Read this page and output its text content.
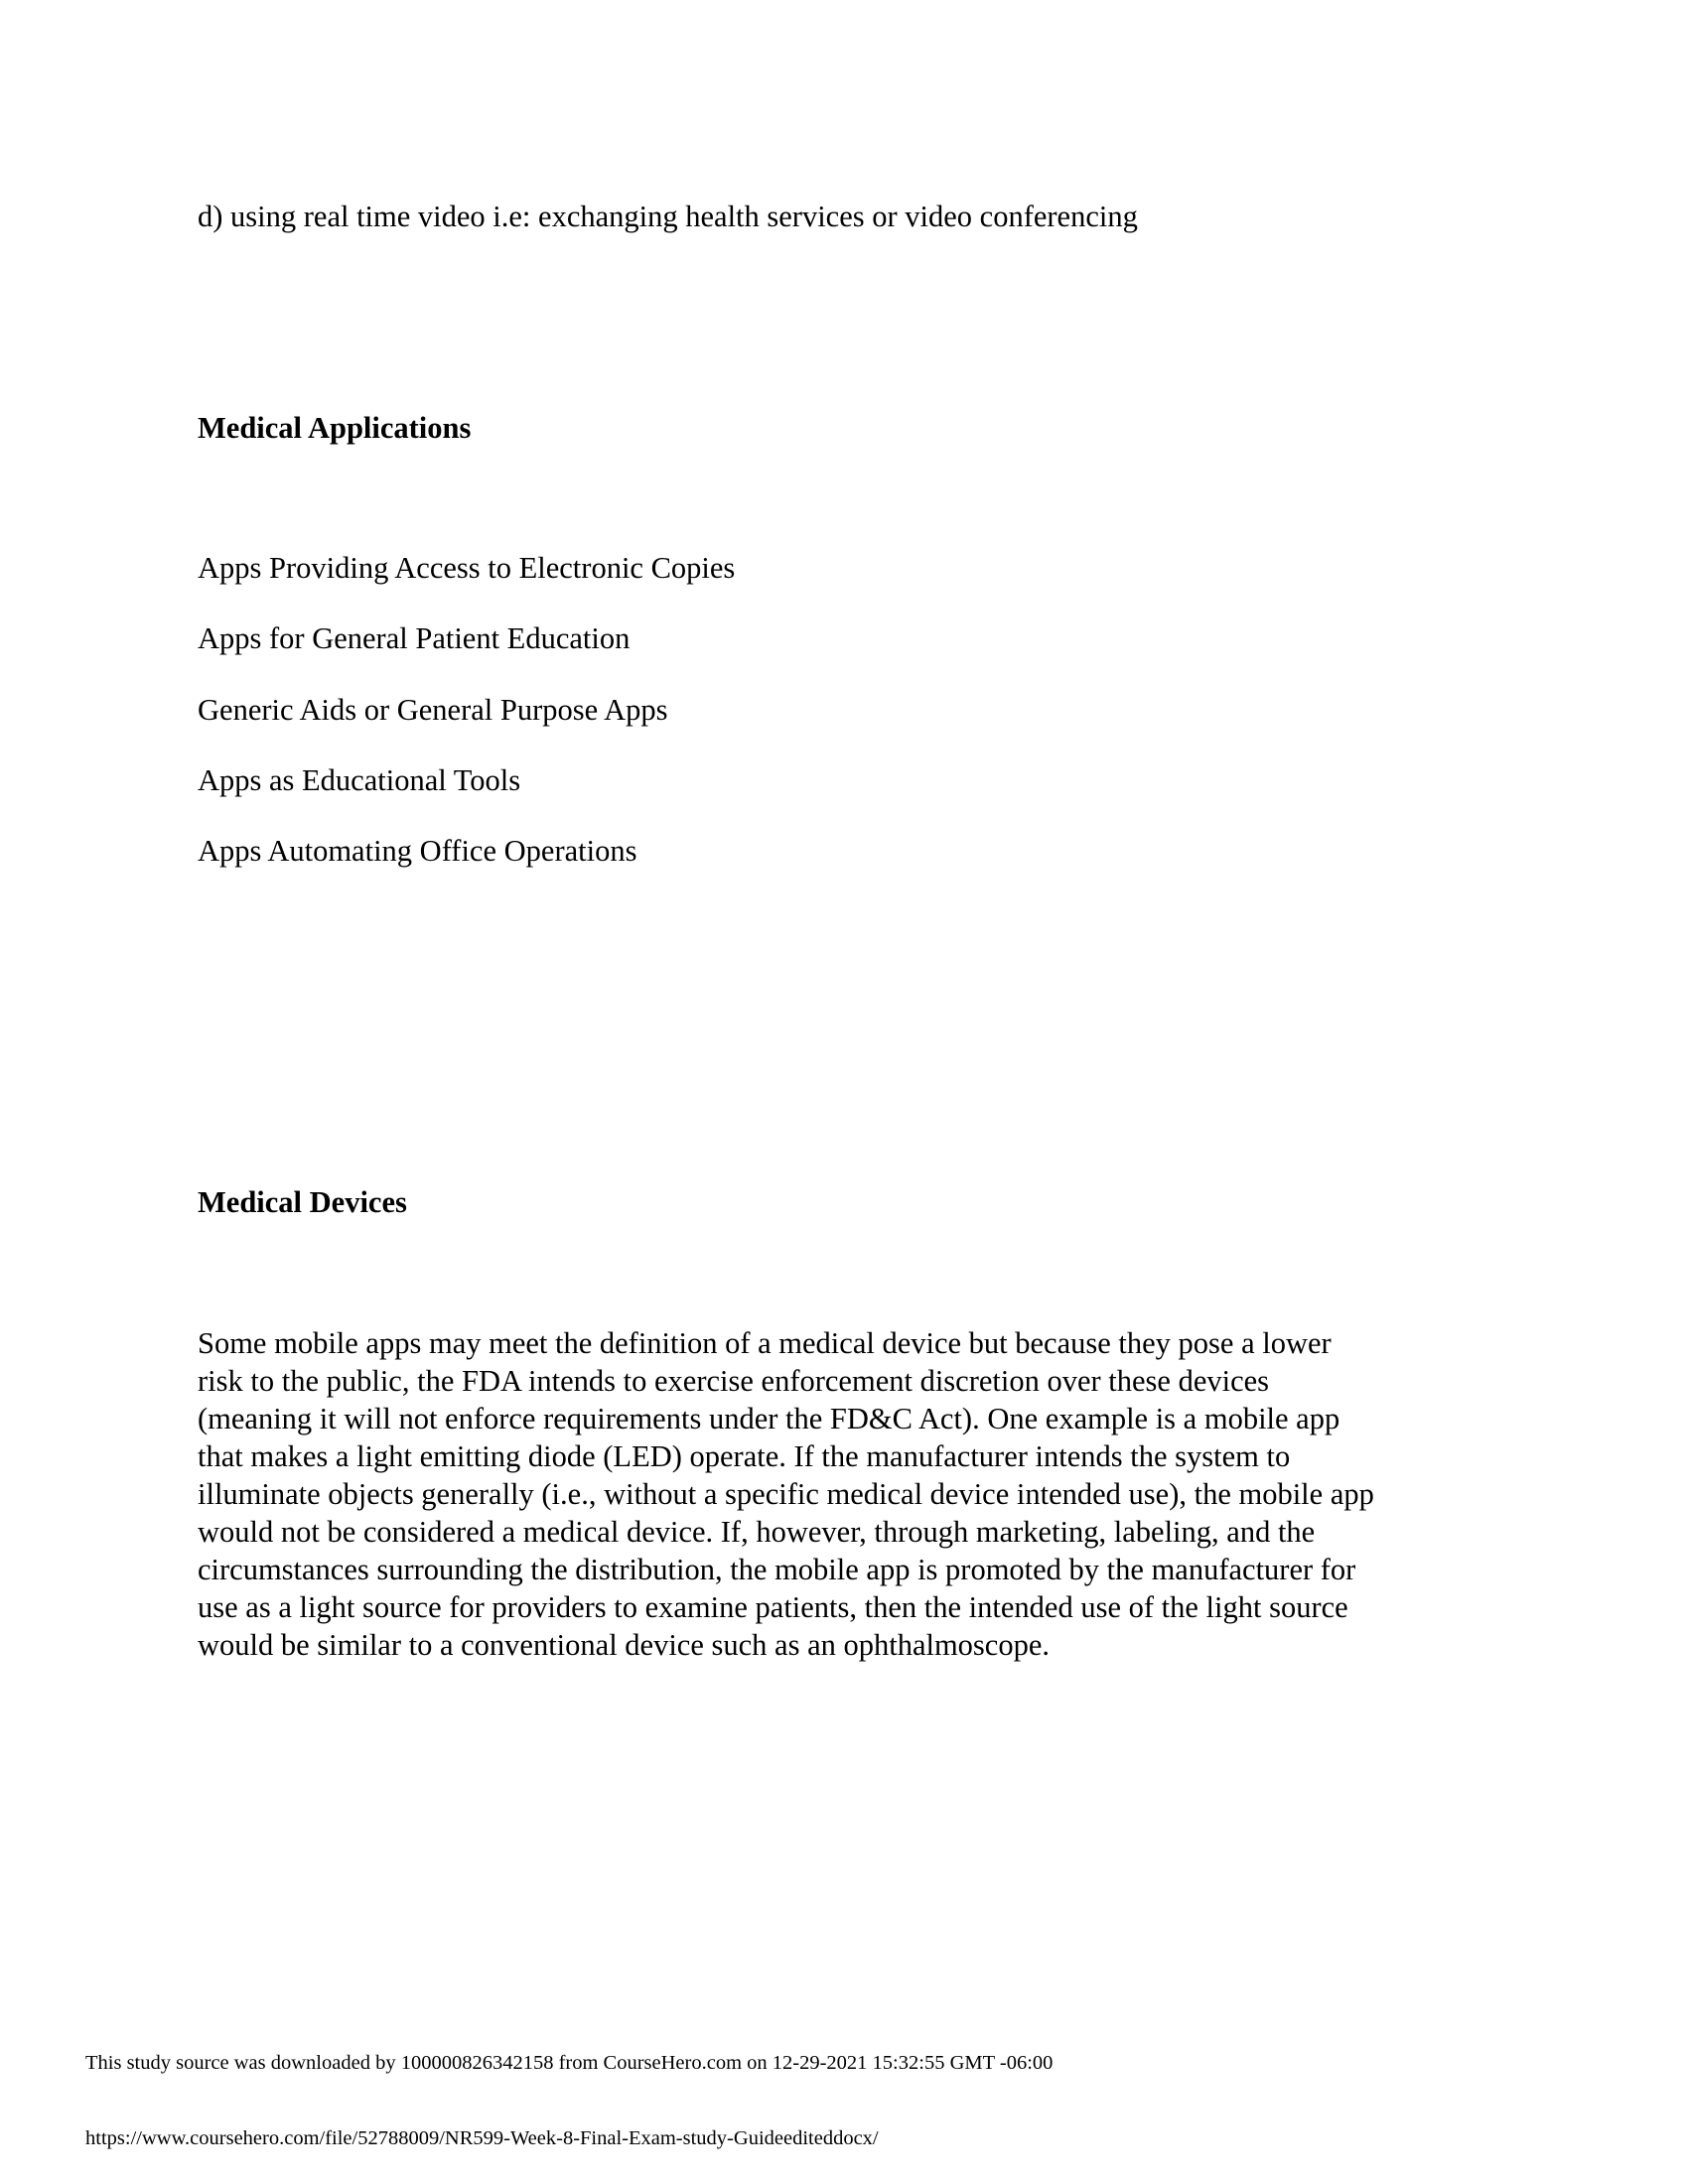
d) using real time video i.e: exchanging health services or video conferencing
Medical Applications
Apps Providing Access to Electronic Copies
Apps for General Patient Education
Generic Aids or General Purpose Apps
Apps as Educational Tools
Apps Automating Office Operations
Medical Devices
Some mobile apps may meet the definition of a medical device but because they pose a lower
risk to the public, the FDA intends to exercise enforcement discretion over these devices
(meaning it will not enforce requirements under the FD&C Act). One example is a mobile app
that makes a light emitting diode (LED) operate. If the manufacturer intends the system to
illuminate objects generally (i.e., without a specific medical device intended use), the mobile app
would not be considered a medical device. If, however, through marketing, labeling, and the
circumstances surrounding the distribution, the mobile app is promoted by the manufacturer for
use as a light source for providers to examine patients, then the intended use of the light source
would be similar to a conventional device such as an ophthalmoscope.
This study source was downloaded by 100000826342158 from CourseHero.com on 12-29-2021 15:32:55 GMT -06:00
https://www.coursehero.com/file/52788009/NR599-Week-8-Final-Exam-study-Guideediteddocx/
